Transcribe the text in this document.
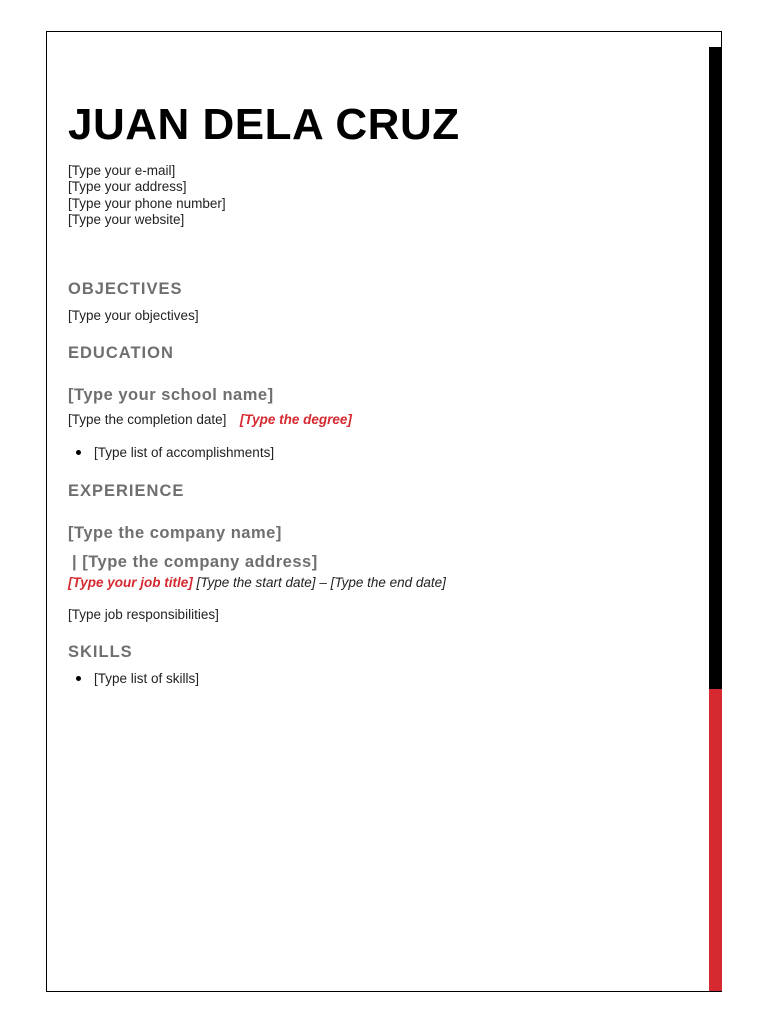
JUAN DELA CRUZ
[Type your e-mail]
[Type your address]
[Type your phone number]
[Type your website]
OBJECTIVES
[Type your objectives]
EDUCATION
[Type your school name]
[Type the completion date] [Type the degree]
[Type list of accomplishments]
EXPERIENCE
[Type the company name]
| [Type the company address]
[Type your job title] [Type the start date] – [Type the end date]
[Type job responsibilities]
SKILLS
[Type list of skills]
